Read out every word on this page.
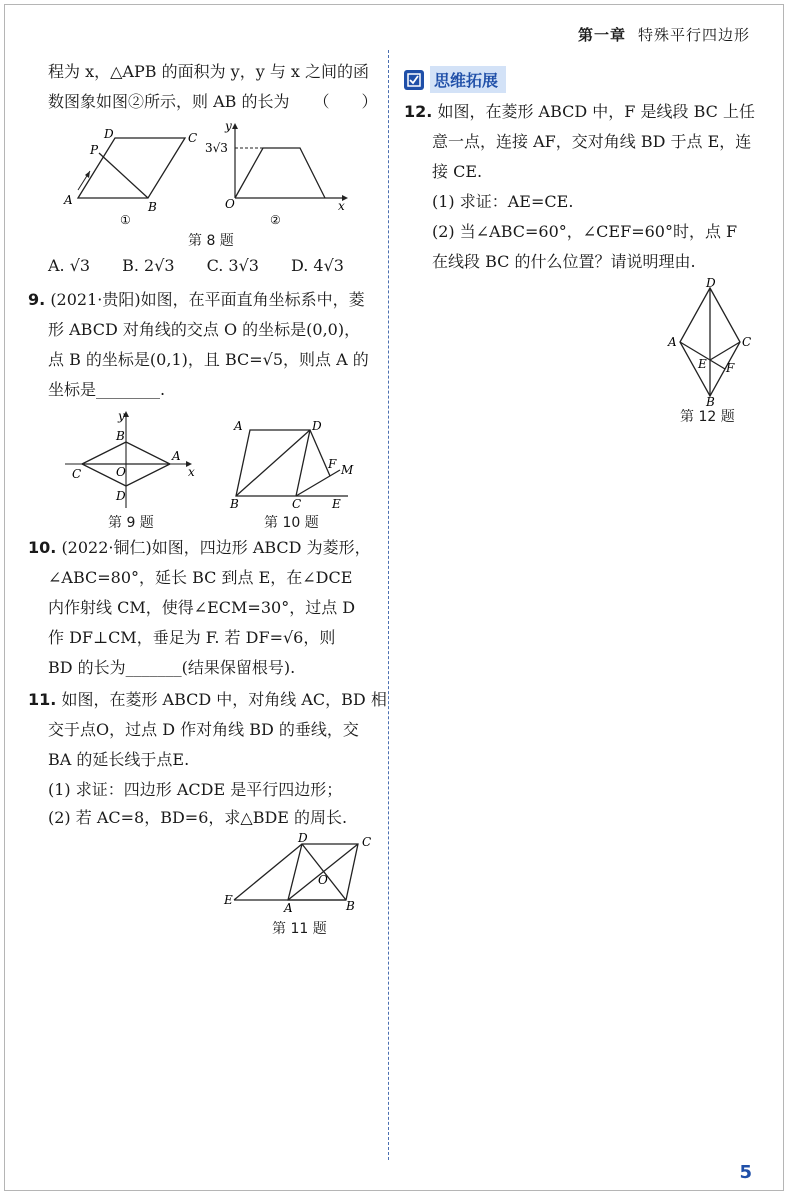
第一章 特殊平行四边形
程为 x，△APB 的面积为 y，y 与 x 之间的函
数图象如图②所示，则 AB 的长为　　（　　）
A	B
C
D
P
①
O	x
y
3√3
②
第 8 题
A. √3　　B. 2√3　　C. 3√3　　D. 4√3
9. (2021·贵阳)如图，在平面直角坐标系中，菱
形 ABCD 对角线的交点 O 的坐标是(0,0)，
点 B 的坐标是(0,1)，且 BC=√5，则点 A 的
坐标是________.
A
B
C
D
O	x
y
第 9 题
A
B	C
D
E
F M
第 10 题
10. (2022·铜仁)如图，四边形 ABCD 为菱形，
∠ABC=80°，延长 BC 到点 E，在∠DCE
内作射线 CM，使得∠ECM=30°，过点 D
作 DF⊥CM，垂足为 F. 若 DF=√6，则
BD 的长为_______(结果保留根号).
11. 如图，在菱形 ABCD 中，对角线 AC，BD 相
交于点O，过点 D 作对角线 BD 的垂线，交
BA 的延长线于点E.
(1) 求证：四边形 ACDE 是平行四边形；
(2) 若 AC=8，BD=6，求△BDE 的周长.
E
A	B
C
D
O
第 11 题
思维拓展
12. 如图，在菱形 ABCD 中，F 是线段 BC 上任
意一点，连接 AF，交对角线 BD 于点 E，连
接 CE.
(1) 求证：AE=CE.
(2) 当∠ABC=60°，∠CEF=60°时，点 F
在线段 BC 的什么位置？请说明理由.
D
A	C
E F
B
第 12 题
5
